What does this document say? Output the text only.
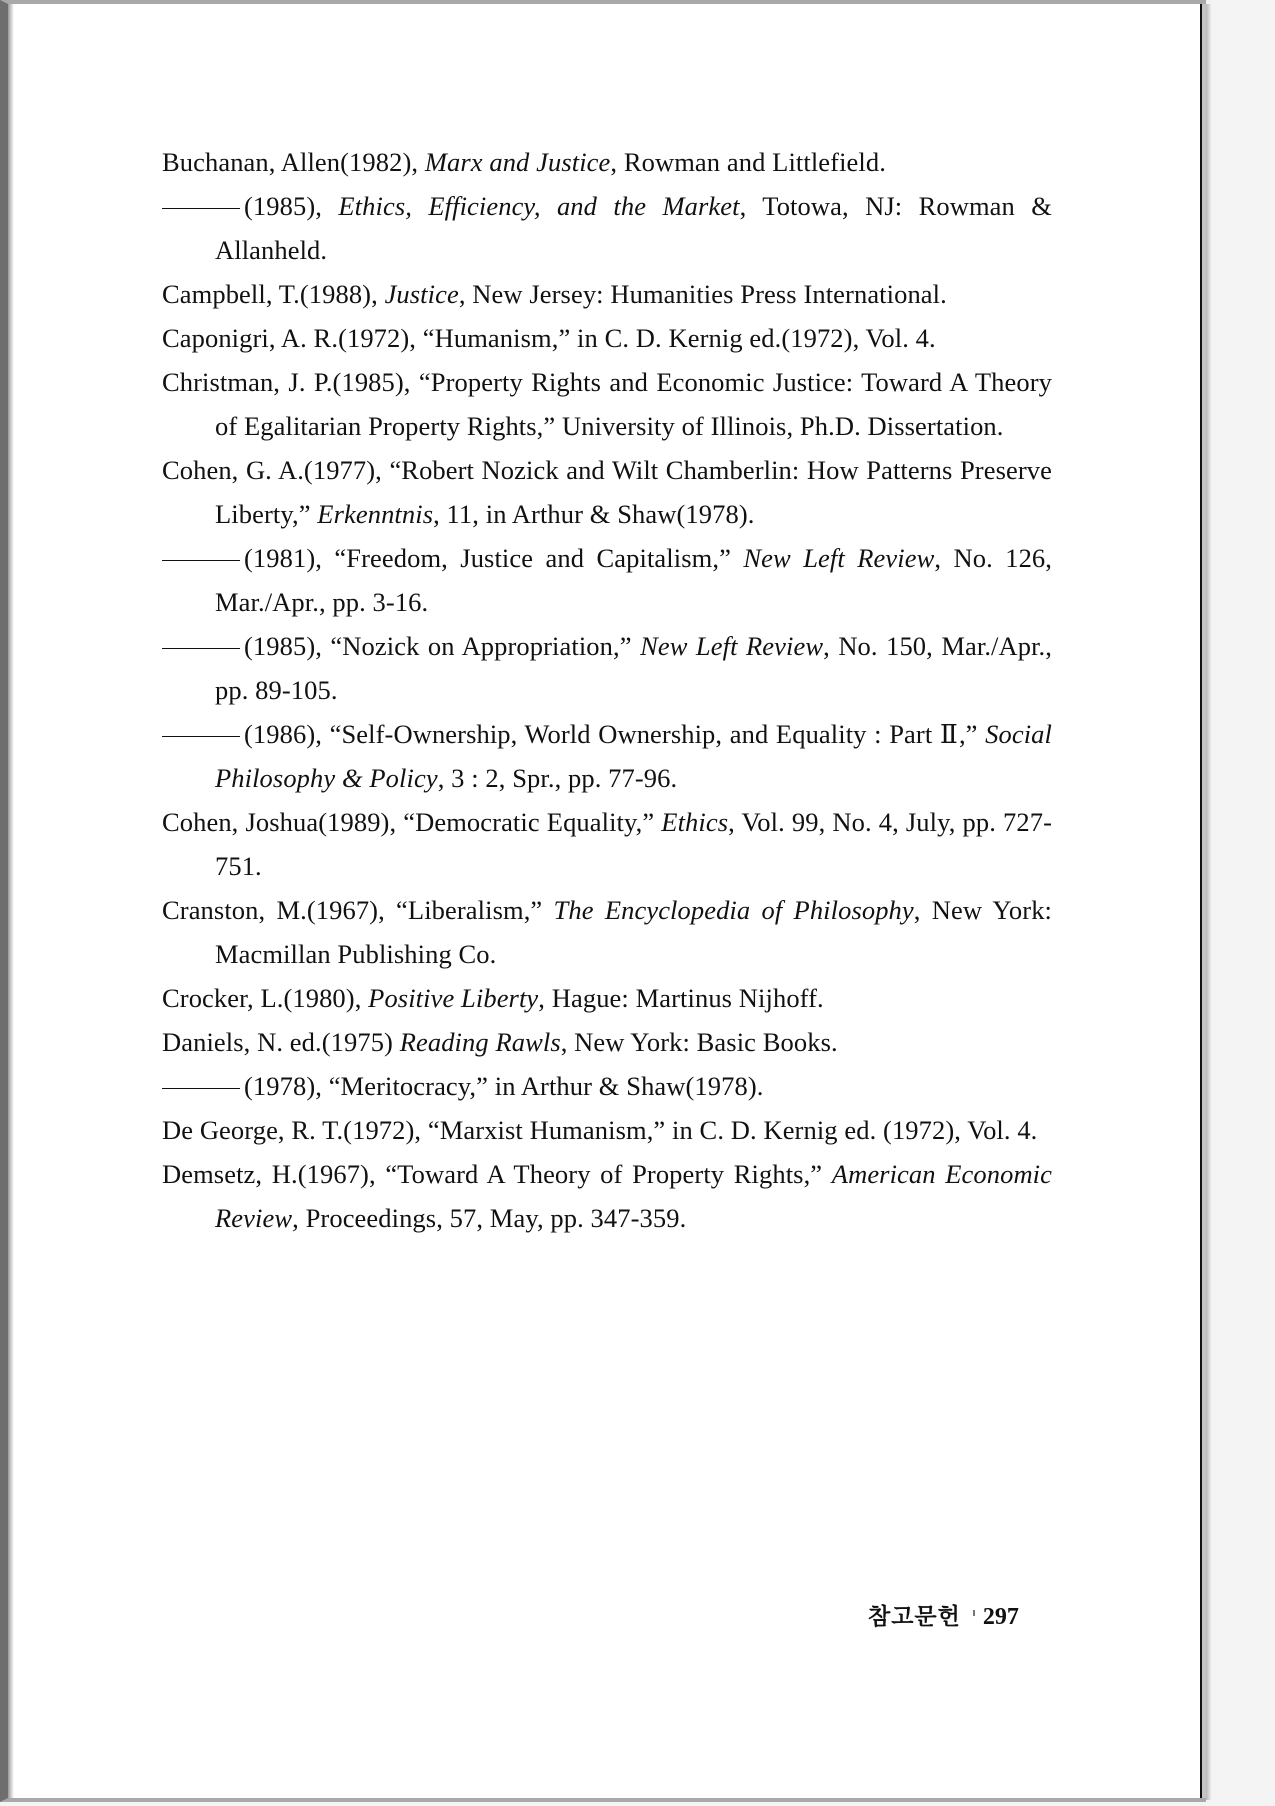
Buchanan, Allen(1982), Marx and Justice, Rowman and Littlefield.

(1985), Ethics, Efficiency, and the Market, Totowa, NJ: Rowman & Allanheld.

Campbell, T.(1988), Justice, New Jersey: Humanities Press International.

Caponigri, A. R.(1972), “Humanism,” in C. D. Kernig ed.(1972), Vol. 4.

Christman, J. P.(1985), “Property Rights and Economic Justice: Toward A Theory of Egalitarian Property Rights,” University of Illinois, Ph.D. Dissertation.

Cohen, G. A.(1977), “Robert Nozick and Wilt Chamberlin: How Patterns Preserve Liberty,” Erkenntnis, 11, in Arthur & Shaw(1978).

(1981), “Freedom, Justice and Capitalism,” New Left Review, No. 126, Mar./Apr., pp. 3-16.

(1985), “Nozick on Appropriation,” New Left Review, No. 150, Mar./Apr., pp. 89-105.

(1986), “Self-Ownership, World Ownership, and Equality : Part Ⅱ,” Social Philosophy & Policy, 3 : 2, Spr., pp. 77-96.

Cohen, Joshua(1989), “Democratic Equality,” Ethics, Vol. 99, No. 4, July, pp. 727-751.

Cranston, M.(1967), “Liberalism,” The Encyclopedia of Philosophy, New York: Macmillan Publishing Co.

Crocker, L.(1980), Positive Liberty, Hague: Martinus Nijhoff.

Daniels, N. ed.(1975) Reading Rawls, New York: Basic Books.

(1978), “Meritocracy,” in Arthur & Shaw(1978).

De George, R. T.(1972), “Marxist Humanism,” in C. D. Kernig ed. (1972), Vol. 4.

Demsetz, H.(1967), “Toward A Theory of Property Rights,” American Economic Review, Proceedings, 57, May, pp. 347-359.

참고문헌 297
